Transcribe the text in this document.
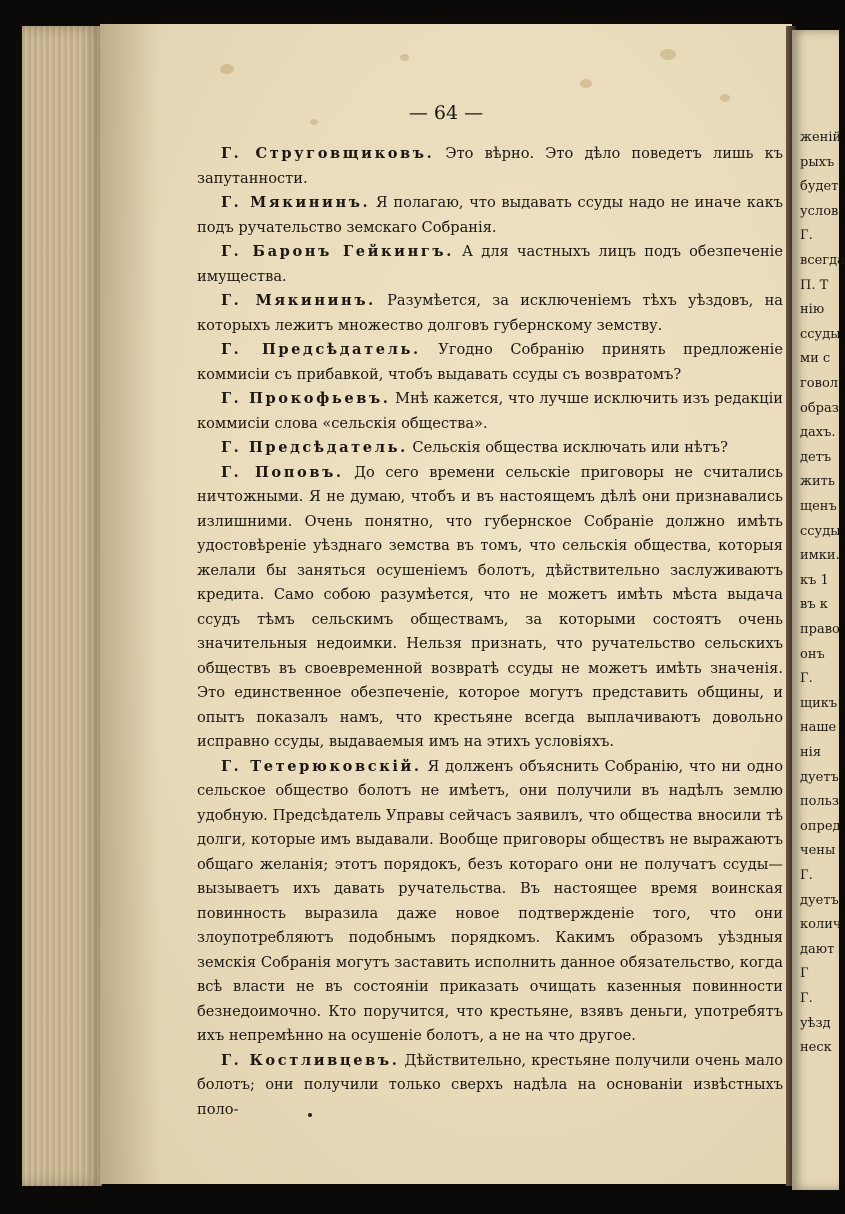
— 64 —

Г. Струговщиковъ. Это вѣрно. Это дѣло поведетъ лишь къ запутанности.

Г. Мякининъ. Я полагаю, что выдавать ссуды надо не иначе какъ подъ ручательство земскаго Собранія.

Г. Баронъ Гейкингъ. А для частныхъ лицъ подъ обезпеченіе имущества.

Г. Мякининъ. Разумѣется, за исключеніемъ тѣхъ уѣздовъ, на которыхъ лежитъ множество долговъ губернскому земству.

Г. Предсѣдатель. Угодно Собранію принять предложеніе коммисіи съ прибавкой, чтобъ выдавать ссуды съ возвратомъ?

Г. Прокофьевъ. Мнѣ кажется, что лучше исключить изъ редакціи коммисіи слова «сельскія общества».

Г. Предсѣдатель. Сельскія общества исключать или нѣтъ?

Г. Поповъ. До сего времени сельскіе приговоры не считались ничтожными. Я не думаю, чтобъ и въ настоящемъ дѣлѣ они признавались излишними. Очень понятно, что губернское Собраніе должно имѣть удостовѣреніе уѣзднаго земства въ томъ, что сельскія общества, которыя желали бы заняться осушеніемъ болотъ, дѣйствительно заслуживаютъ кредита. Само собою разумѣется, что не можетъ имѣть мѣста выдача ссудъ тѣмъ сельскимъ обществамъ, за которыми состоятъ очень значительныя недоимки. Нельзя признать, что ручательство сельскихъ обществъ въ своевременной возвратѣ ссуды не можетъ имѣть значенія. Это единственное обезпеченіе, которое могутъ представить общины, и опытъ показалъ намъ, что крестьяне всегда выплачиваютъ довольно исправно ссуды, выдаваемыя имъ на этихъ условіяхъ.

Г. Тетерюковскій. Я долженъ объяснить Собранію, что ни одно сельское общество болотъ не имѣетъ, они получили въ надѣлъ землю удобную. Предсѣдатель Управы сейчасъ заявилъ, что общества вносили тѣ долги, которые имъ выдавали. Вообще приговоры обществъ не выражаютъ общаго желанія; этотъ порядокъ, безъ котораго они не получатъ ссуды—вызываетъ ихъ давать ручательства. Въ настоящее время воинская повинность выразила даже новое подтвержденіе того, что они злоупотребляютъ подобнымъ порядкомъ. Какимъ образомъ уѣздныя земскія Собранія могутъ заставить исполнить данное обязательство, когда всѣ власти не въ состояніи приказать очищать казенныя повинности безнедоимочно. Кто поручится, что крестьяне, взявъ деньги, употребятъ ихъ непремѣнно на осушеніе болотъ, а не на что другое.

Г. Костливцевъ. Дѣйствительно, крестьяне получили очень мало болотъ; они получили только сверхъ надѣла на основаніи извѣстныхъ поло-

женій
рыхъ
будет
услов
Г.
всегда
П. Т
нію
ссуды
ми с
говол
образ
дахъ.
детъ
жить
щенъ
ссуды
имки.
къ 1
въ к
право
онъ
Г.
щикъ
наше
нія
дуетъ
польз
опред
чены
Г.
дуетъ
колич
дают
Г
Г.
уѣзд
неск
